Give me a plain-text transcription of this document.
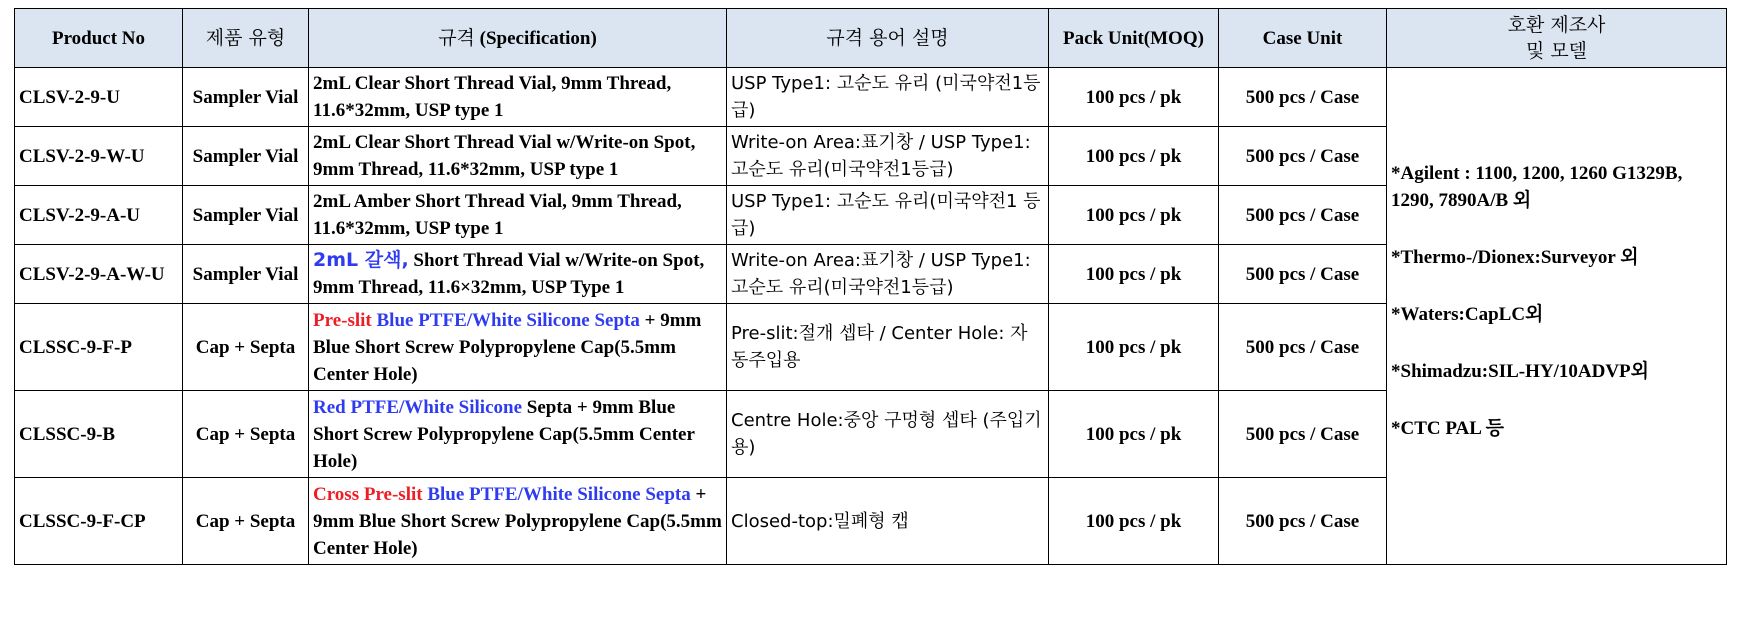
Product No	제품 유형	규격 (Specification)	규격 용어 설명	Pack Unit(MOQ)	Case Unit	호환 제조사
및 모델
CLSV-2-9-U	Sampler Vial	2mL Clear Short Thread Vial, 9mm Thread, 11.6*32mm, USP type 1	USP Type1: 고순도 유리 (미국약전1등급)	100 pcs / pk	500 pcs / Case	*Agilent : 1100, 1200, 1260 G1329B, 1290, 7890A/B 외
*Thermo-/Dionex:Surveyor 외
*Waters:CapLC외
*Shimadzu:SIL-HY/10ADVP외
*CTC PAL 등

CLSV-2-9-W-U	Sampler Vial	2mL Clear Short Thread Vial w/Write-on Spot, 9mm Thread, 11.6*32mm, USP type 1	Write-on Area:표기창 / USP Type1: 고순도 유리(미국약전1등급)	100 pcs / pk	500 pcs / Case	
CLSV-2-9-A-U	Sampler Vial	2mL Amber Short Thread Vial, 9mm Thread, 11.6*32mm, USP type 1	USP Type1: 고순도 유리(미국약전1 등급)	100 pcs / pk	500 pcs / Case	
CLSV-2-9-A-W-U	Sampler Vial	2mL 갈색, Short Thread Vial w/Write-on Spot, 9mm Thread, 11.6×32mm, USP Type 1	Write-on Area:표기창 / USP Type1: 고순도 유리(미국약전1등급)	100 pcs / pk	500 pcs / Case	
CLSSC-9-F-P	Cap + Septa	Pre-slit Blue PTFE/White Silicone Septa + 9mm Blue Short Screw Polypropylene Cap(5.5mm Center Hole)	Pre-slit:절개 셉타 / Center Hole: 자동주입용	100 pcs / pk	500 pcs / Case	
CLSSC-9-B	Cap + Septa	Red PTFE/White Silicone Septa + 9mm Blue Short Screw Polypropylene Cap(5.5mm Center Hole)	Centre Hole:중앙 구멍형 셉타 (주입기용)	100 pcs / pk	500 pcs / Case	
CLSSC-9-F-CP	Cap + Septa	Cross Pre-slit Blue PTFE/White Silicone Septa + 9mm Blue Short Screw Polypropylene Cap(5.5mm Center Hole)	Closed-top:밀폐형 캡	100 pcs / pk	500 pcs / Case	
